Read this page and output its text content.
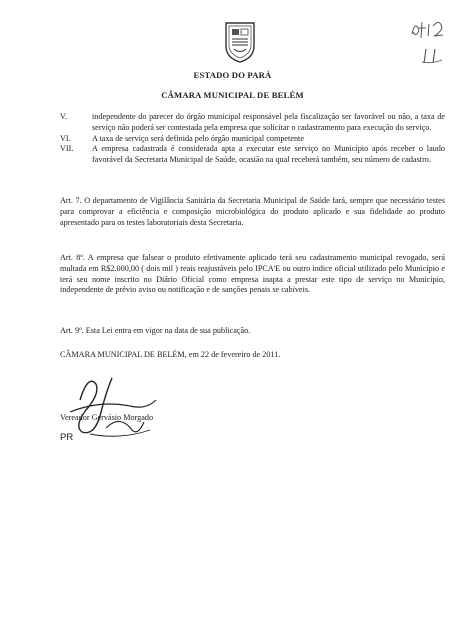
ESTADO DO PARÁ
CÂMARA MUNICIPAL DE BELÉM
V.	independente do parecer do órgão municipal responsável pela fiscalização ser favorável ou não, a taxa de serviço não poderá ser contestada pela empresa que solicitar o cadastramento para execução do serviço.
VI.	A taxa de serviço será definida pelo órgão municipal competente
VII.	A empresa cadastrada é considerada apta a executar este serviço no Município após receber o laudo favorável da Secretaria Municipal de Saúde, ocasião na qual receberá também, seu número de cadastro.
Art. 7. O departamento de Vigilância Sanitária da Secretaria Municipal de Saúde fará, sempre que necessário testes para comprovar a eficiência e composição microbiológica do produto aplicado e sua fidelidade ao produto apresentado para os testes laboratoriais desta Secretaria.
Art. 8º. A empresa que falsear o produto efetivamente aplicado terá seu cadastramento municipal revogado, será multada em R$2.000,00 ( dois mil ) reais reajustáveis pelo IPCA'E ou outro índice oficial utilizado pelo Município e terá seu nome inscrito no Diário Oficial como empresa inapta a prestar este tipo de serviço no Município, independente de prévio aviso ou notificação e de sanções penais se cabíveis.
Art. 9º. Esta Lei entra em vigor na data de sua publicação.
CÂMARA MUNICIPAL DE BELÉM, em 22 de fevereiro de 2011.
Vereador Gervásio Morgado
PR
